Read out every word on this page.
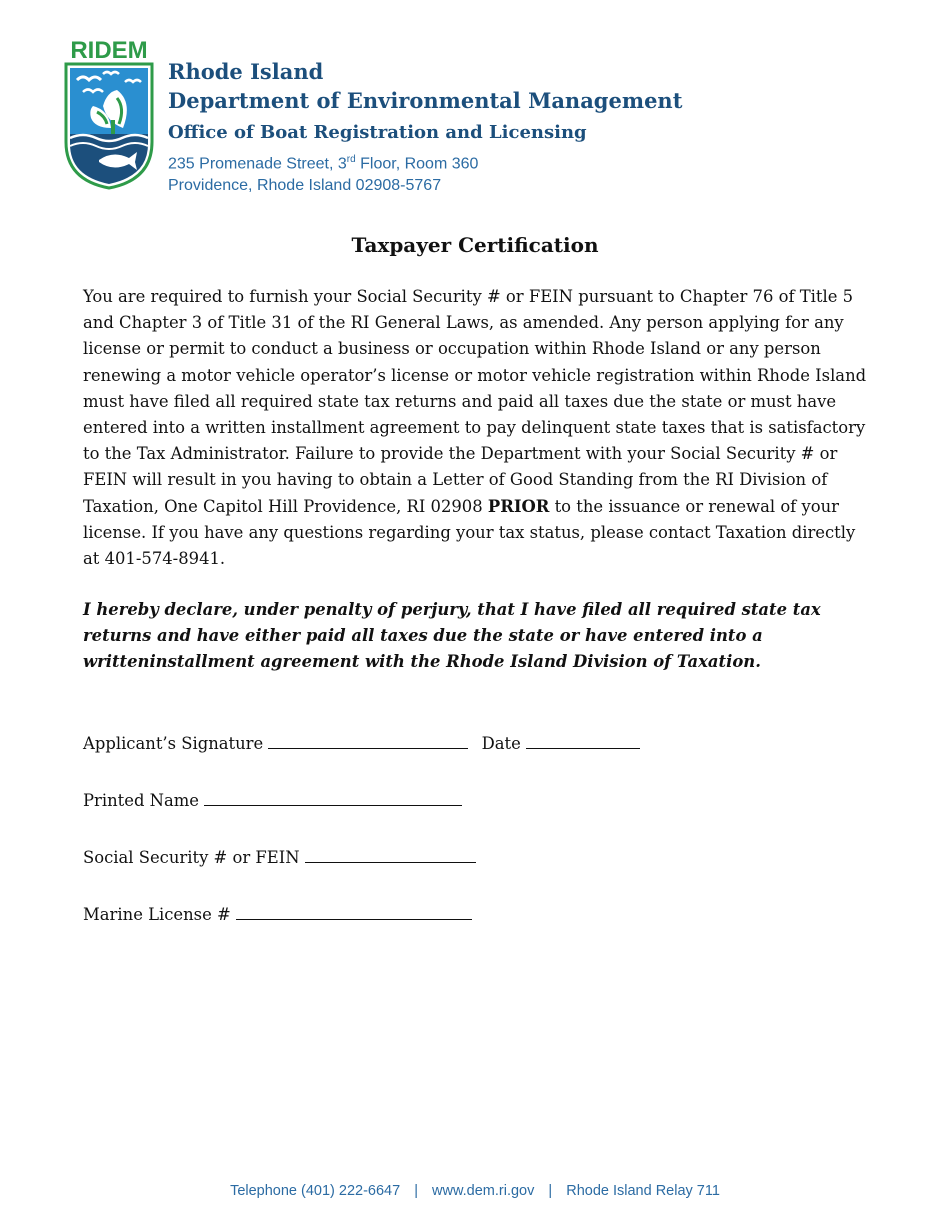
RIDEM
Rhode Island
Department of Environmental Management
Office of Boat Registration and Licensing
235 Promenade Street, 3rd Floor, Room 360
Providence, Rhode Island 02908-5767
Taxpayer Certification
You are required to furnish your Social Security # or FEIN pursuant to Chapter 76 of Title 5 and Chapter 3 of Title 31 of the RI General Laws, as amended. Any person applying for any license or permit to conduct a business or occupation within Rhode Island or any person renewing a motor vehicle operator’s license or motor vehicle registration within Rhode Island must have filed all required state tax returns and paid all taxes due the state or must have entered into a written installment agreement to pay delinquent state taxes that is satisfactory to the Tax Administrator. Failure to provide the Department with your Social Security # or FEIN will result in you having to obtain a Letter of Good Standing from the RI Division of Taxation, One Capitol Hill Providence, RI 02908 PRIOR to the issuance or renewal of your license. If you have any questions regarding your tax status, please contact Taxation directly at 401-574-8941.
I hereby declare, under penalty of perjury, that I have filed all required state tax returns and have either paid all taxes due the state or have entered into a writteninstallment agreement with the Rhode Island Division of Taxation.
Applicant’s Signature	Date
Printed Name
Social Security # or FEIN
Marine License #
Telephone (401) 222-6647 | www.dem.ri.gov | Rhode Island Relay 711
